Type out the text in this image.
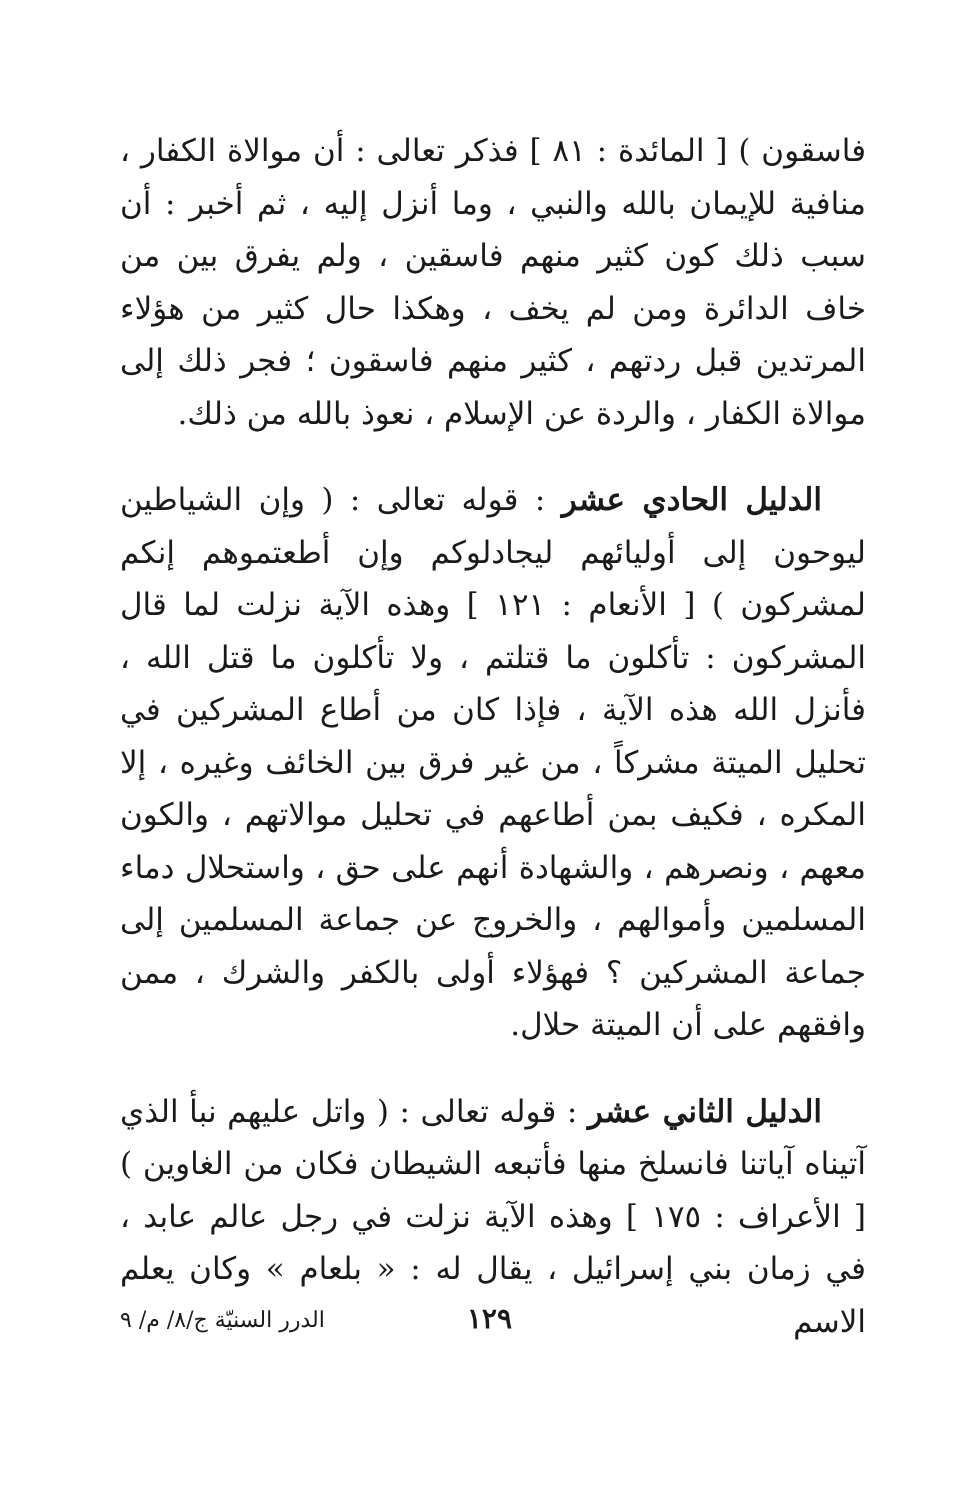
فاسقون ) [ المائدة : ٨١ ] فذكر تعالى : أن موالاة الكفار ، منافية للإيمان بالله والنبي ، وما أنزل إليه ، ثم أخبر : أن سبب ذلك كون كثير منهم فاسقين ، ولم يفرق بين من خاف الدائرة ومن لم يخف ، وهكذا حال كثير من هؤلاء المرتدين قبل ردتهم ، كثير منهم فاسقون ؛ فجر ذلك إلى موالاة الكفار ، والردة عن الإسلام ، نعوذ بالله من ذلك.

الدليل الحادي عشر : قوله تعالى : ( وإن الشياطين ليوحون إلى أوليائهم ليجادلوكم وإن أطعتموهم إنكم لمشركون ) [ الأنعام : ١٢١ ] وهذه الآية نزلت لما قال المشركون : تأكلون ما قتلتم ، ولا تأكلون ما قتل الله ، فأنزل الله هذه الآية ، فإذا كان من أطاع المشركين في تحليل الميتة مشركاً ، من غير فرق بين الخائف وغيره ، إلا المكره ، فكيف بمن أطاعهم في تحليل موالاتهم ، والكون معهم ، ونصرهم ، والشهادة أنهم على حق ، واستحلال دماء المسلمين وأموالهم ، والخروج عن جماعة المسلمين إلى جماعة المشركين ؟ فهؤلاء أولى بالكفر والشرك ، ممن وافقهم على أن الميتة حلال.

الدليل الثاني عشر : قوله تعالى : ( واتل عليهم نبأ الذي آتيناه آياتنا فانسلخ منها فأتبعه الشيطان فكان من الغاوين ) [ الأعراف : ١٧٥ ] وهذه الآية نزلت في رجل عالم عابد ، في زمان بني إسرائيل ، يقال له : « بلعام » وكان يعلم الاسم

١٢٩
الدرر السنيّة ج/٨/ م/ ٩
